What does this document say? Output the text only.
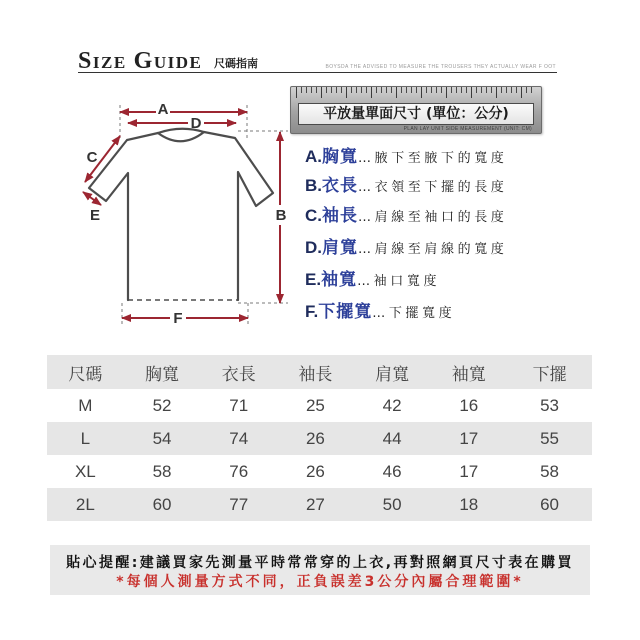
SIZE GUIDE	尺碼指南	BOYSDA THE ADVISED TO MEASURE THE TROUSERS THEY ACTUALLY WEAR F OOT
平放量單面尺寸 (單位：公分)
PLAN LAY UNIT SIDE MEASUREMENT (UNIT: CM)
A
D
B
C
E
F
A.胸寬…腋下至腋下的寬度
B.衣長…衣領至下擺的長度
C.袖長…肩線至袖口的長度
D.肩寬…肩線至肩線的寬度
E.袖寬…袖口寬度
F.下擺寬…下擺寬度
尺碼	胸寬	衣長	袖長	肩寬	袖寬	下擺
M	52	71	25	42	16	53
L	54	74	26	44	17	55
XL	58	76	26	46	17	58
2L	60	77	27	50	18	60
貼心提醒:建議買家先測量平時常常穿的上衣,再對照網頁尺寸表在購買
*每個人測量方式不同，正負誤差3公分內屬合理範圍*
